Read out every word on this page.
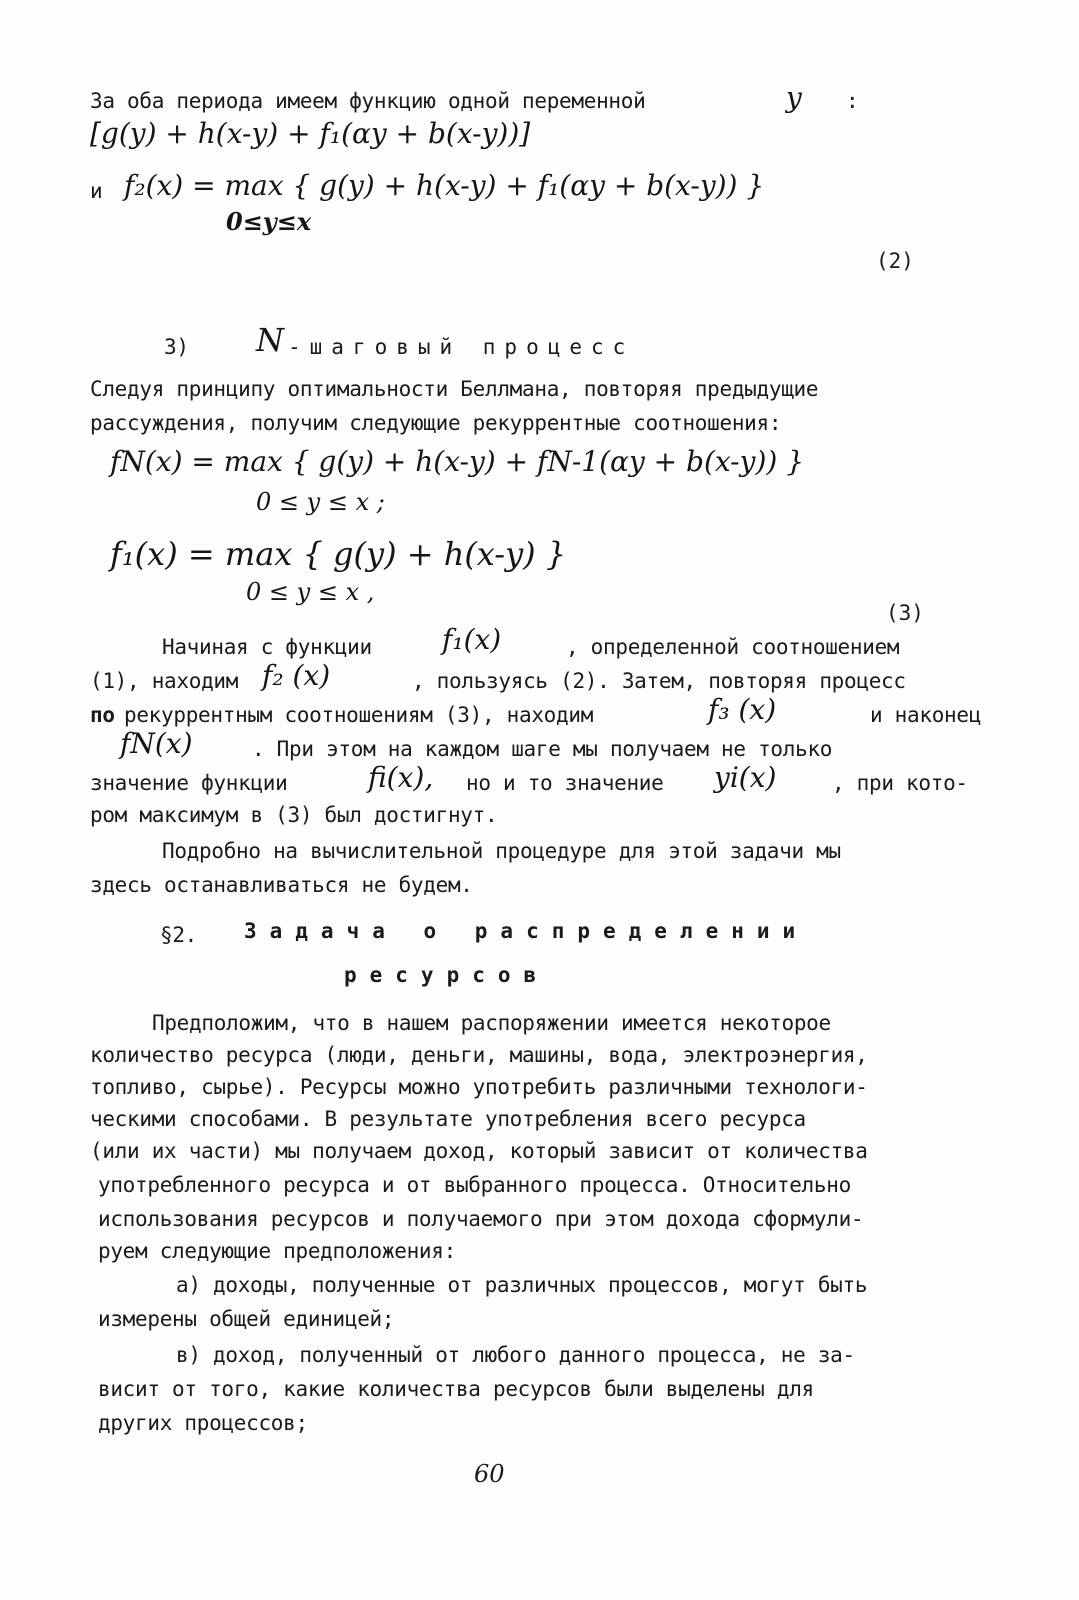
За оба периода имеем функцию одной переменной	y :
[g(y) + h(x-y) + f₁(αy + b(x-y))]
и f₂(x) = max { g(y) + h(x-y) + f₁(αy + b(x-y)) }
0≤y≤x
(2)
3) N -шаговый процесс
Следуя принципу оптимальности Беллмана, повторяя предыдущие
рассуждения, получим следующие рекуррентные соотношения:
fN(x) = max { g(y) + h(x-y) + fN-1(αy + b(x-y)) }
0 ≤ y ≤ x ;
f₁(x) = max { g(y) + h(x-y) }
0 ≤ y ≤ x ,
(3)
Начиная с функции	f₁(x)	, определенной соотношением
(1), находим f₂ (x)	, пользуясь (2). Затем, повторяя процесс
по рекуррентным соотношениям (3), находим	f₃ (x)	и наконец
fN(x)	. При этом на каждом шаге мы получаем не только
значение функции	fi(x), но и то значение yi(x)	, при кото-
ром максимум в (3) был достигнут.
Подробно на вычислительной процедуре для этой задачи мы
здесь останавливаться не будем.
§2. Задача о распределении
ресурсов
Предположим, что в нашем распоряжении имеется некоторое
количество ресурса (люди, деньги, машины, вода, электроэнергия,
топливо, сырье). Ресурсы можно употребить различными технологи-
ческими способами. В результате употребления всего ресурса
(или их части) мы получаем доход, который зависит от количества
употребленного ресурса и от выбранного процесса. Относительно
использования ресурсов и получаемого при этом дохода сформули-
руем следующие предположения:
а) доходы, полученные от различных процессов, могут быть
измерены общей единицей;
в) доход, полученный от любого данного процесса, не за-
висит от того, какие количества ресурсов были выделены для
других процессов;
60
